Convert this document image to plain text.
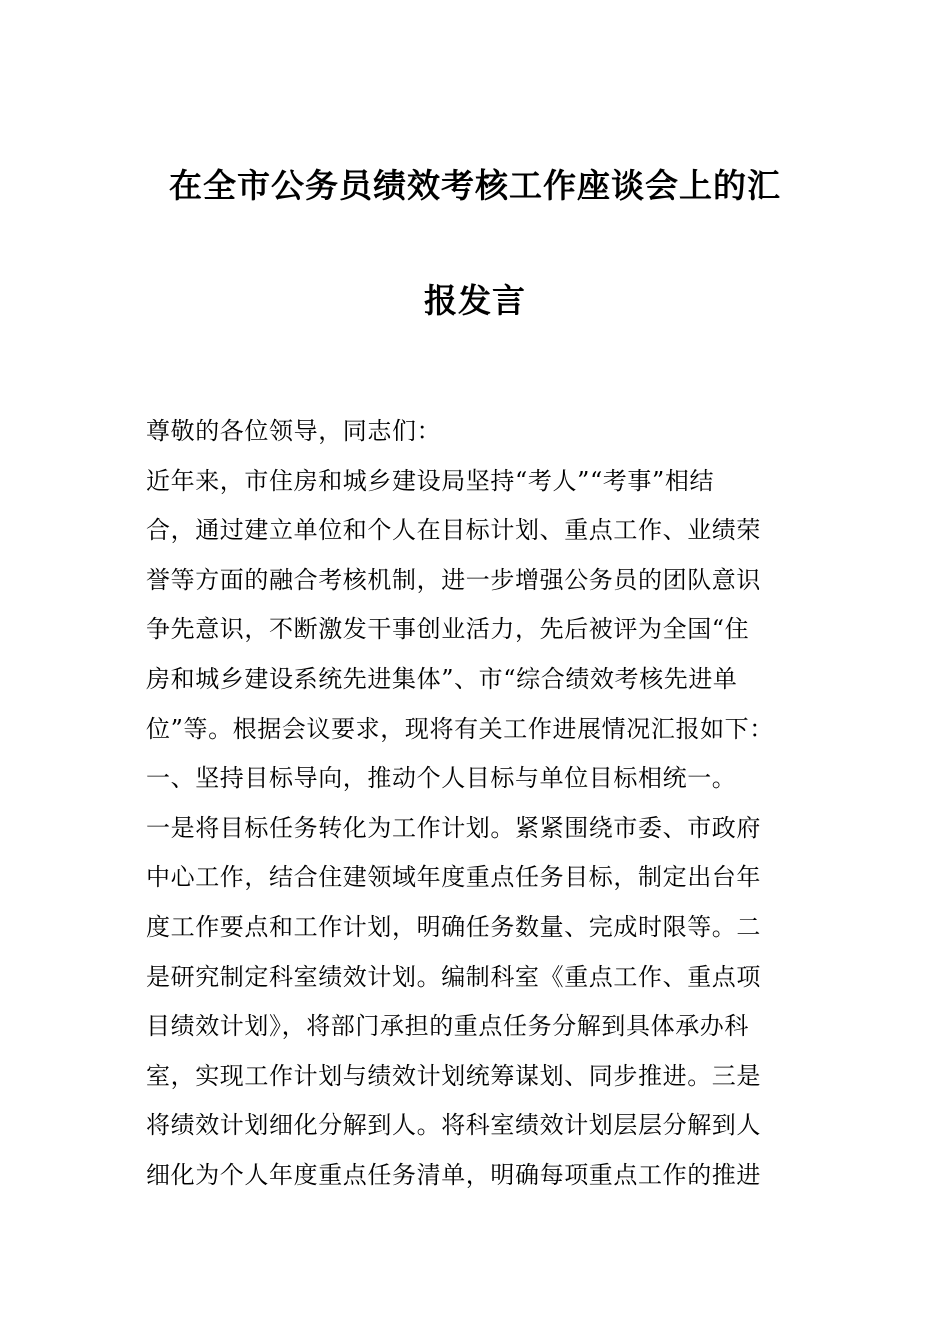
在全市公务员绩效考核工作座谈会上的汇
报发言
尊敬的各位领导，同志们：
近年来，市住房和城乡建设局坚持“考人”“考事”相结
合，通过建立单位和个人在目标计划、重点工作、业绩荣
誉等方面的融合考核机制，进一步增强公务员的团队意识
争先意识，不断激发干事创业活力，先后被评为全国“住
房和城乡建设系统先进集体”、市“综合绩效考核先进单
位”等。根据会议要求，现将有关工作进展情况汇报如下：
一、坚持目标导向，推动个人目标与单位目标相统一。
一是将目标任务转化为工作计划。紧紧围绕市委、市政府
中心工作，结合住建领域年度重点任务目标，制定出台年
度工作要点和工作计划，明确任务数量、完成时限等。二
是研究制定科室绩效计划。编制科室《重点工作、重点项
目绩效计划》，将部门承担的重点任务分解到具体承办科
室，实现工作计划与绩效计划统筹谋划、同步推进。三是
将绩效计划细化分解到人。将科室绩效计划层层分解到人
细化为个人年度重点任务清单，明确每项重点工作的推进
